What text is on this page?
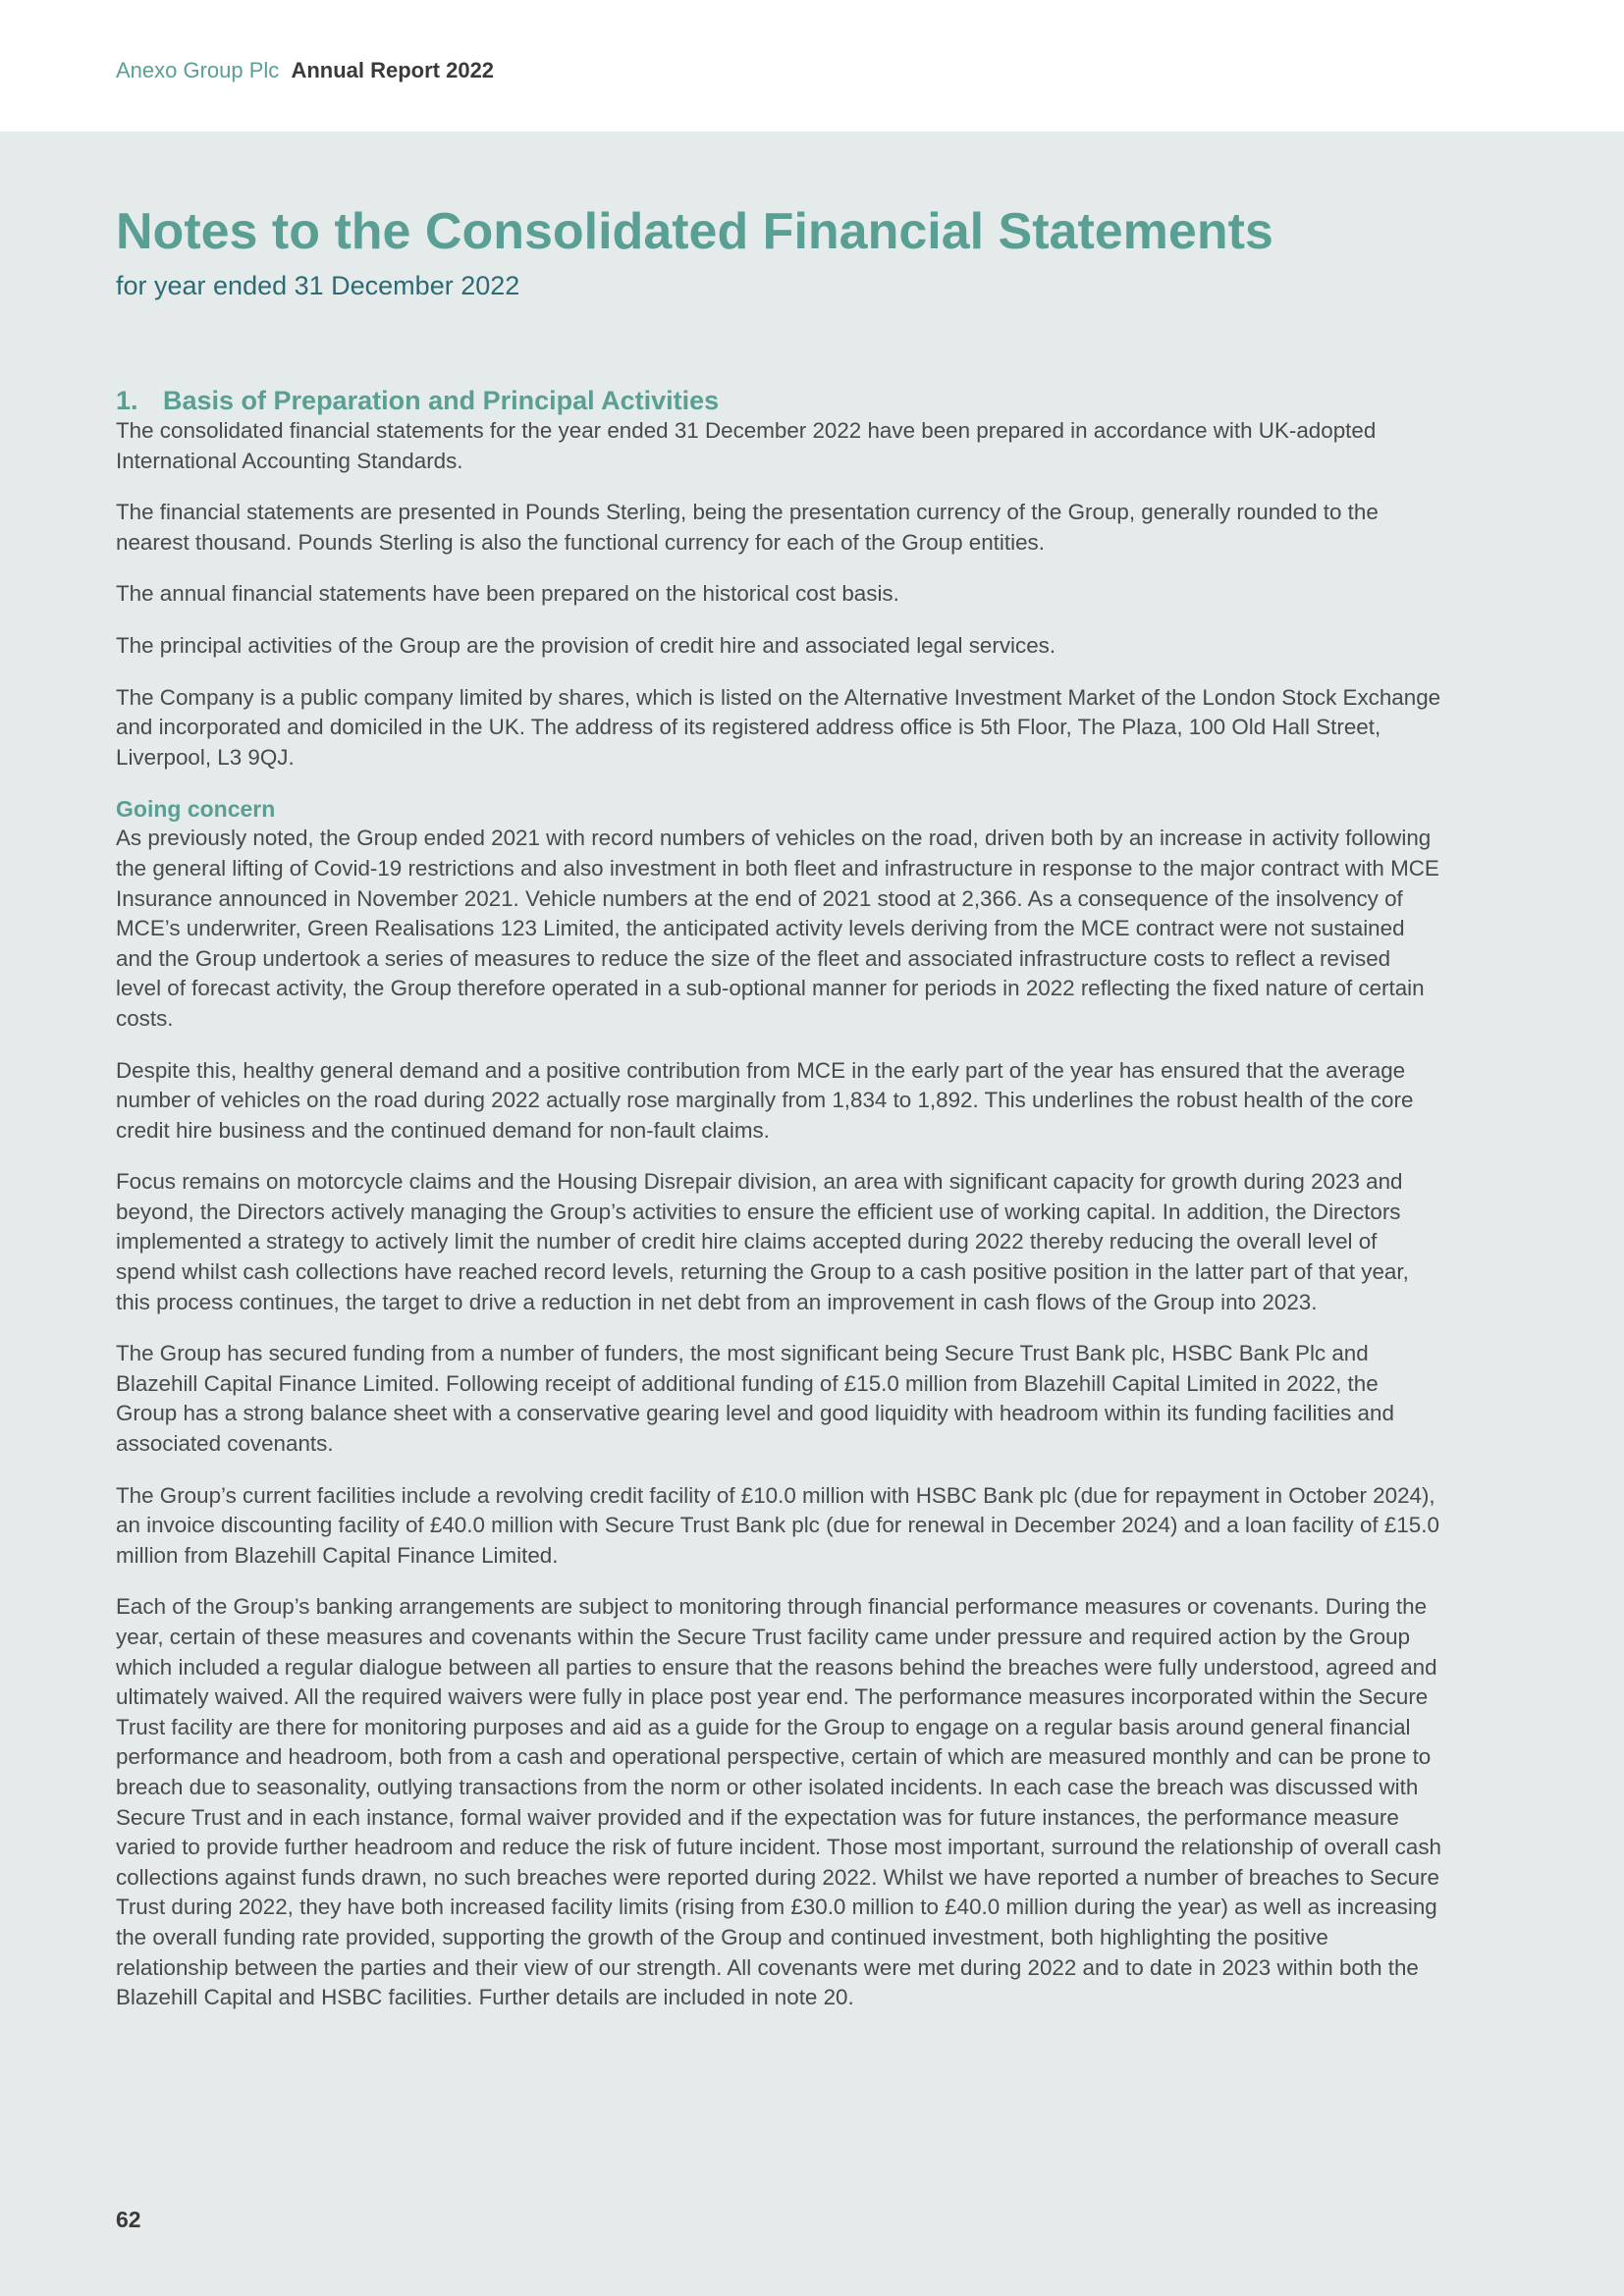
Anexo Group Plc Annual Report 2022
Notes to the Consolidated Financial Statements
for year ended 31 December 2022
1. Basis of Preparation and Principal Activities

The consolidated financial statements for the year ended 31 December 2022 have been prepared in accordance with UK-adopted International Accounting Standards.

The financial statements are presented in Pounds Sterling, being the presentation currency of the Group, generally rounded to the nearest thousand. Pounds Sterling is also the functional currency for each of the Group entities.

The annual financial statements have been prepared on the historical cost basis.

The principal activities of the Group are the provision of credit hire and associated legal services.

The Company is a public company limited by shares, which is listed on the Alternative Investment Market of the London Stock Exchange and incorporated and domiciled in the UK. The address of its registered address office is 5th Floor, The Plaza, 100 Old Hall Street, Liverpool, L3 9QJ.

Going concern

As previously noted, the Group ended 2021 with record numbers of vehicles on the road, driven both by an increase in activity following the general lifting of Covid-19 restrictions and also investment in both fleet and infrastructure in response to the major contract with MCE Insurance announced in November 2021. Vehicle numbers at the end of 2021 stood at 2,366. As a consequence of the insolvency of MCE’s underwriter, Green Realisations 123 Limited, the anticipated activity levels deriving from the MCE contract were not sustained and the Group undertook a series of measures to reduce the size of the fleet and associated infrastructure costs to reflect a revised level of forecast activity, the Group therefore operated in a sub-optional manner for periods in 2022 reflecting the fixed nature of certain costs.

Despite this, healthy general demand and a positive contribution from MCE in the early part of the year has ensured that the average number of vehicles on the road during 2022 actually rose marginally from 1,834 to 1,892. This underlines the robust health of the core credit hire business and the continued demand for non-fault claims.

Focus remains on motorcycle claims and the Housing Disrepair division, an area with significant capacity for growth during 2023 and beyond, the Directors actively managing the Group’s activities to ensure the efficient use of working capital. In addition, the Directors implemented a strategy to actively limit the number of credit hire claims accepted during 2022 thereby reducing the overall level of spend whilst cash collections have reached record levels, returning the Group to a cash positive position in the latter part of that year, this process continues, the target to drive a reduction in net debt from an improvement in cash flows of the Group into 2023.

The Group has secured funding from a number of funders, the most significant being Secure Trust Bank plc, HSBC Bank Plc and Blazehill Capital Finance Limited. Following receipt of additional funding of £15.0 million from Blazehill Capital Limited in 2022, the Group has a strong balance sheet with a conservative gearing level and good liquidity with headroom within its funding facilities and associated covenants.

The Group’s current facilities include a revolving credit facility of £10.0 million with HSBC Bank plc (due for repayment in October 2024), an invoice discounting facility of £40.0 million with Secure Trust Bank plc (due for renewal in December 2024) and a loan facility of £15.0 million from Blazehill Capital Finance Limited.

Each of the Group’s banking arrangements are subject to monitoring through financial performance measures or covenants. During the year, certain of these measures and covenants within the Secure Trust facility came under pressure and required action by the Group which included a regular dialogue between all parties to ensure that the reasons behind the breaches were fully understood, agreed and ultimately waived. All the required waivers were fully in place post year end. The performance measures incorporated within the Secure Trust facility are there for monitoring purposes and aid as a guide for the Group to engage on a regular basis around general financial performance and headroom, both from a cash and operational perspective, certain of which are measured monthly and can be prone to breach due to seasonality, outlying transactions from the norm or other isolated incidents. In each case the breach was discussed with Secure Trust and in each instance, formal waiver provided and if the expectation was for future instances, the performance measure varied to provide further headroom and reduce the risk of future incident. Those most important, surround the relationship of overall cash collections against funds drawn, no such breaches were reported during 2022. Whilst we have reported a number of breaches to Secure Trust during 2022, they have both increased facility limits (rising from £30.0 million to £40.0 million during the year) as well as increasing the overall funding rate provided, supporting the growth of the Group and continued investment, both highlighting the positive relationship between the parties and their view of our strength. All covenants were met during 2022 and to date in 2023 within both the Blazehill Capital and HSBC facilities. Further details are included in note 20.

62
